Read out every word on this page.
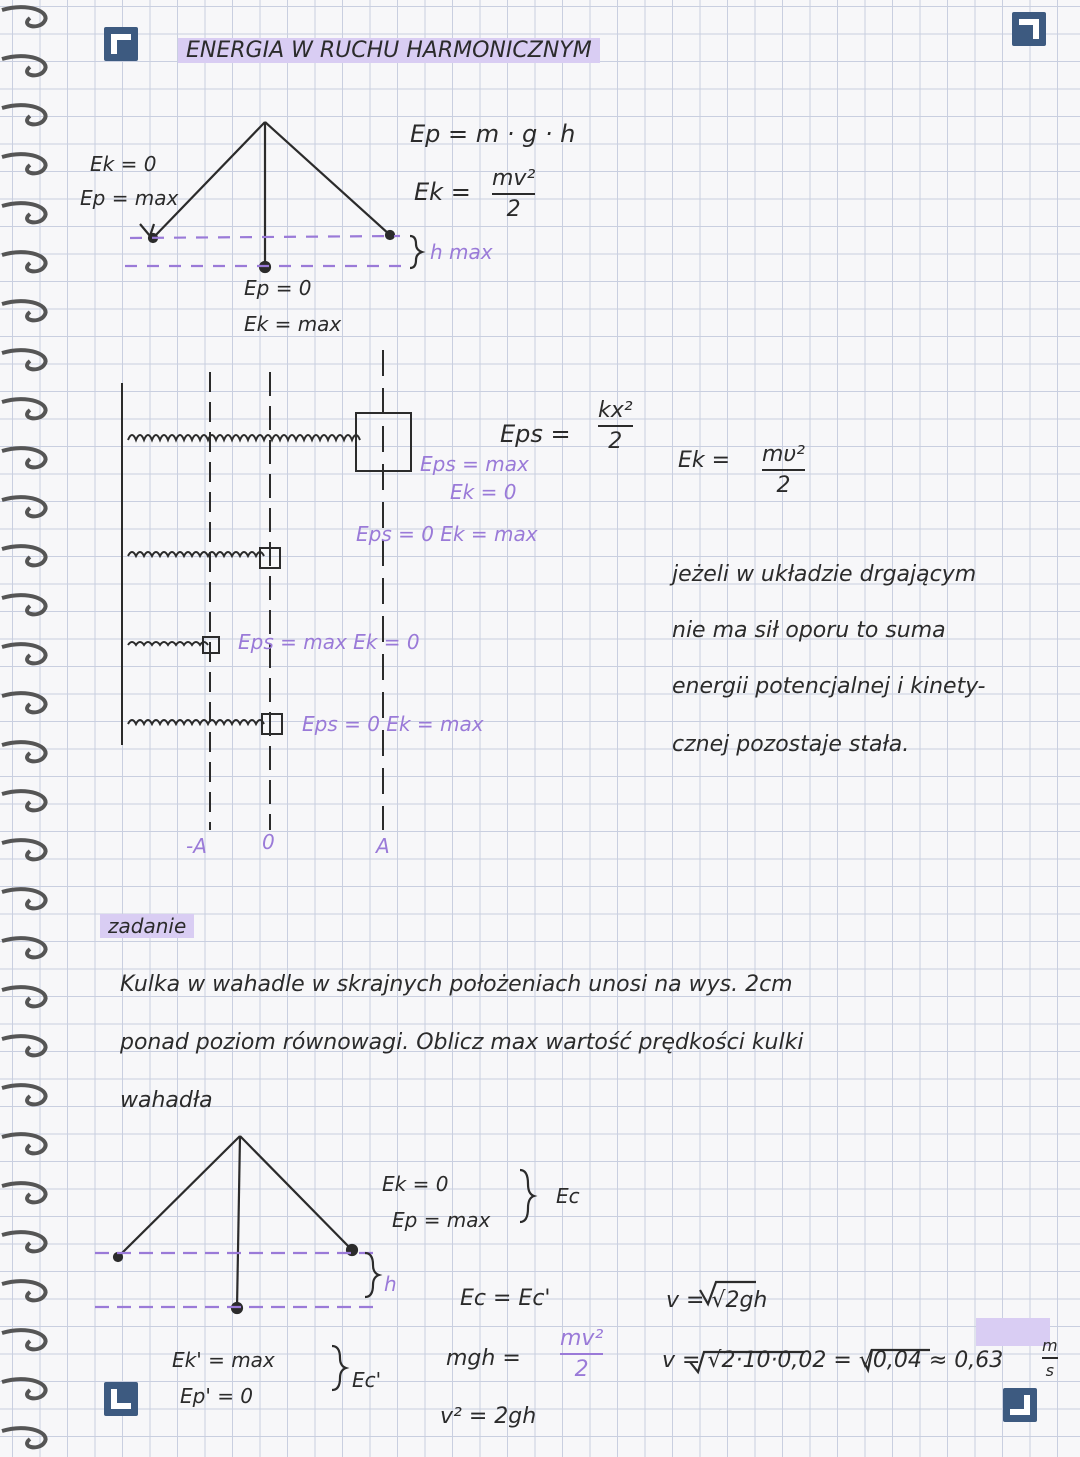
ENERGIA W RUCHU HARMONICZNYM
Ek = 0
Ep = max
Ep = 0
Ek = max
h max
Ep = m · g · h
Ek = mv²
2
Eps =
kx²
2
Ek = mυ²
2
Eps = max
Ek = 0
Eps = 0 Ek = max
Eps = max Ek = 0
Eps = 0 Ek = max
-A	0	A
jeżeli w układzie drgającym
nie ma sił oporu to suma
energii potencjalnej i kinety-
cznej pozostaje stała.
zadanie
Kulka w wahadle w skrajnych położeniach unosi na wys. 2cm
ponad poziom równowagi. Oblicz max wartość prędkości kulki
wahadła
Ek = 0
Ep = max
Ec
h
Ek' = max
Ep' = 0
Ec'
Ec = Ec'
mgh =
mv²
2
v² = 2gh
v = √2gh
v = √2·10·0,02 = √0,04 ≈ 0,63
m
s
